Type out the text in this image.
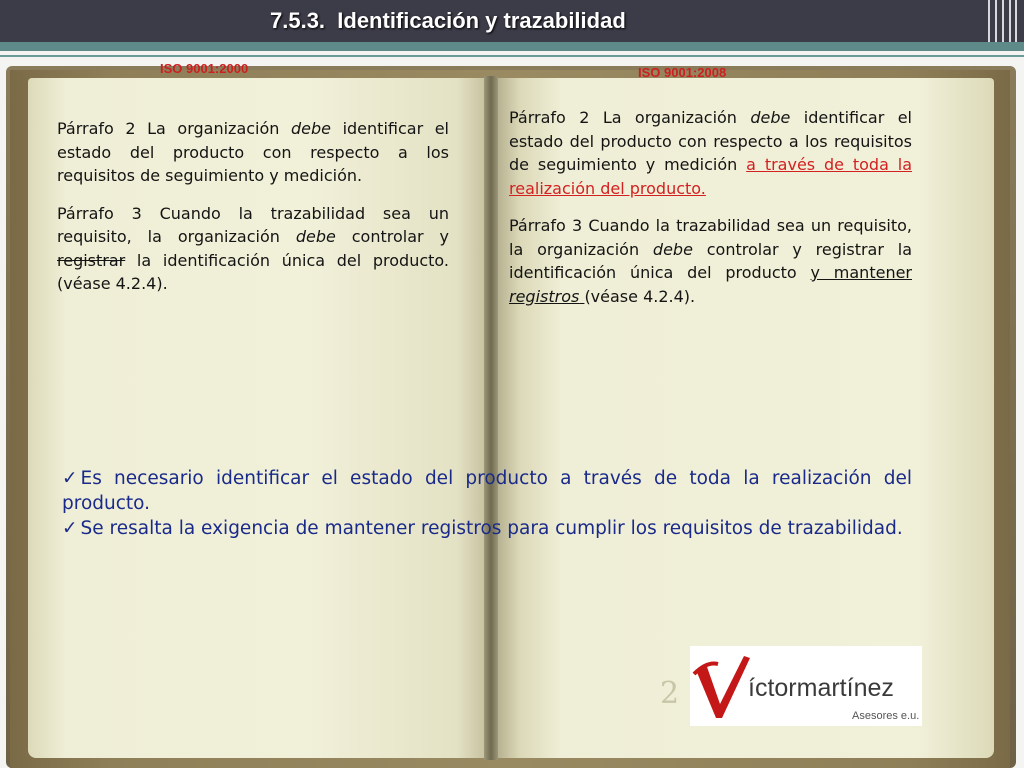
7.5.3.  Identificación y trazabilidad
ISO 9001:2000	ISO 9001:2008

Párrafo 2 La organización debe identificar el estado del producto con respecto a los requisitos de seguimiento y medición.

Párrafo 3 Cuando la trazabilidad sea un requisito, la organización debe controlar y registrar la identificación única del producto. (véase 4.2.4).

Párrafo 2 La organización debe identificar el estado del producto con respecto a los requisitos de seguimiento y medición a través de toda la realización del producto.

Párrafo 3 Cuando la trazabilidad sea un requisito, la organización debe controlar y registrar la identificación única del producto y mantener registros (véase 4.2.4).

✓ Es necesario identificar el estado del producto a través de toda la realización del producto.

✓ Se resalta la exigencia de mantener registros para cumplir los requisitos de trazabilidad.

2	íctormartínez
Asesores e.u.
